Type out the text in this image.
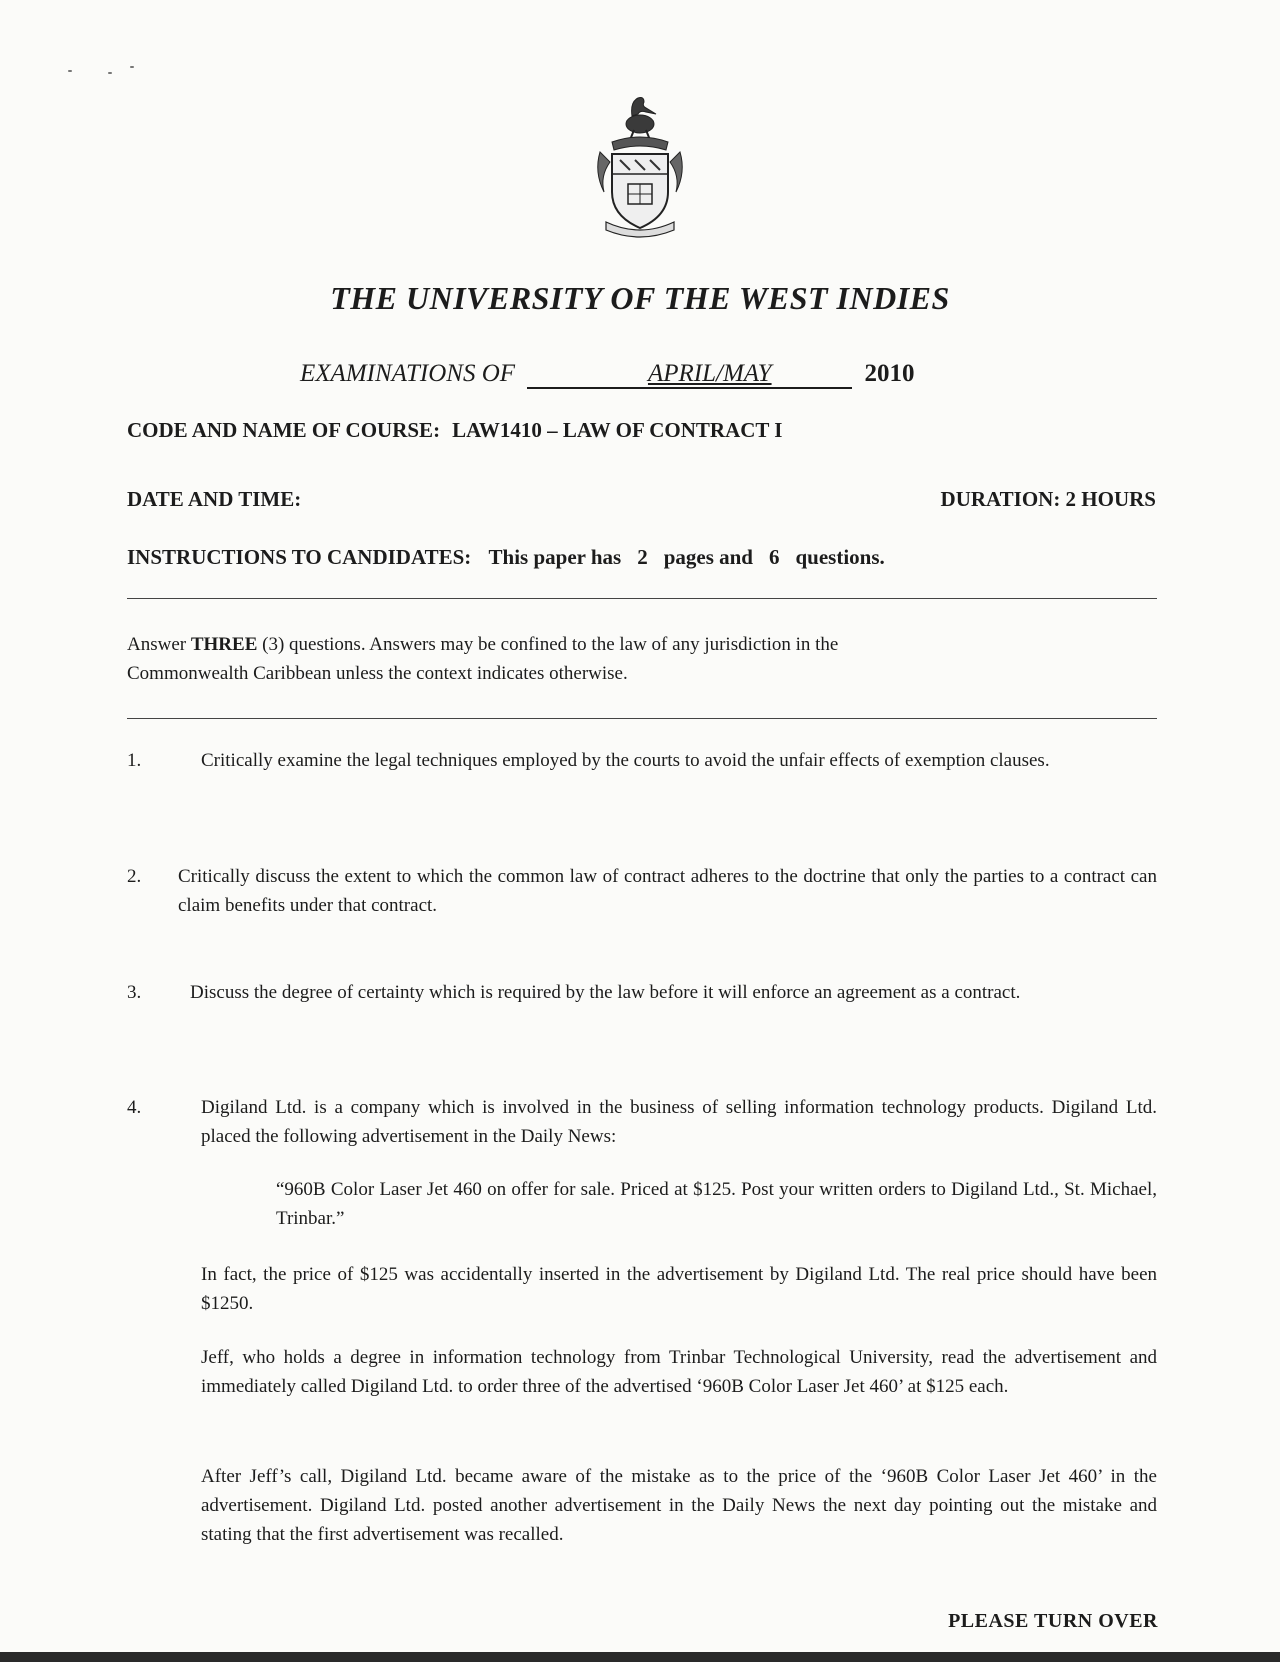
THE UNIVERSITY OF THE WEST INDIES
EXAMINATIONS OF	APRIL/MAY	2010
CODE AND NAME OF COURSE: LAW1410 – LAW OF CONTRACT I
DATE AND TIME:	DURATION: 2 HOURS
INSTRUCTIONS TO CANDIDATES: This paper has 2 pages and 6 questions.
Answer THREE (3) questions. Answers may be confined to the law of any jurisdiction in the
Commonwealth Caribbean unless the context indicates otherwise.
1.	Critically examine the legal techniques employed by the courts to avoid the unfair effects of exemption clauses.
2. Critically discuss the extent to which the common law of contract adheres to the doctrine that only the parties to a contract can claim benefits under that contract.
3.	Discuss the degree of certainty which is required by the law before it will enforce an agreement as a contract.
4.	Digiland Ltd. is a company which is involved in the business of selling information technology products. Digiland Ltd. placed the following advertisement in the Daily News:
“960B Color Laser Jet 460 on offer for sale. Priced at $125. Post your written orders to Digiland Ltd., St. Michael, Trinbar.”
In fact, the price of $125 was accidentally inserted in the advertisement by Digiland Ltd. The real price should have been $1250.
Jeff, who holds a degree in information technology from Trinbar Technological University, read the advertisement and immediately called Digiland Ltd. to order three of the advertised ‘960B Color Laser Jet 460’ at $125 each.
After Jeff’s call, Digiland Ltd. became aware of the mistake as to the price of the ‘960B Color Laser Jet 460’ in the advertisement. Digiland Ltd. posted another advertisement in the Daily News the next day pointing out the mistake and stating that the first advertisement was recalled.
PLEASE TURN OVER
